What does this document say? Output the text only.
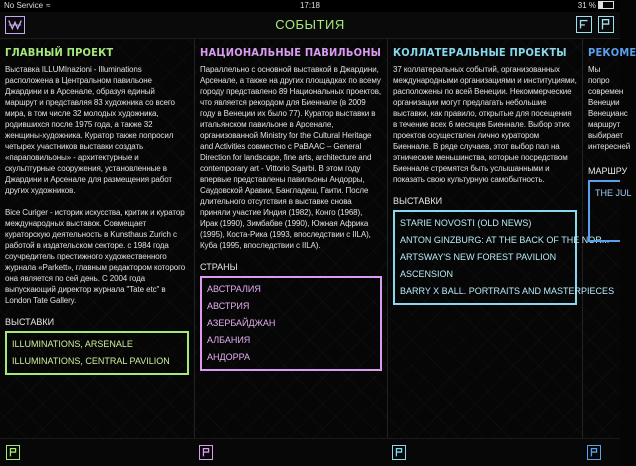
No Service ≈	17:18	31 %
СОБЫТИЯ
ГЛАВНЫЙ ПРОЕКТ

Выставка ILLUMInazioni - Illuminations расположена в Центральном павильоне Джардини и в Арсенале, образуя единый маршрут и представляя 83 художника со всего мира, в том числе 32 молодых художника, родившихся после 1975 года, а также 32 женщины-художника. Куратор также попросил четырех участников выставки создать «параповильоны» - архитектурные и скульптурные сооружения, установленные в Джардини и Арсенале для размещения работ других художников.

Bice Curiger - историк искусства, критик и куратор международных выставок. Совмещает кураторскую деятельность в Kunsthaus Zurich с работой в издательском секторе. с 1984 года соучредитель престижного художественного журнала «Parkett», главным редактором которого она является по сей день. С 2004 года выпускающий директор журнала "Tate etc" в London Tate Gallery.

ВЫСТАВКИ
ILLUMINATIONS, ARSENALE
ILLUMINATIONS, CENTRAL PAVILION
НАЦИОНАЛЬНЫЕ ПАВИЛЬОНЫ

Параллельно с основной выставкой в Джардини, Арсенале, а также на других площадках по всему городу представлено 89 Национальных проектов, что является рекордом для Биеннале (в 2009 году в Венеции их было 77). Куратор выставки в итальянском павильоне в Арсенале, организованной Ministry for the Cultural Heritage and Activities совместно с PaBAAC – General Direction for landscape, fine arts, architecture and contemporary art - Vittorio Sgarbi. В этом году впервые представлены павильоны Андорры, Саудовской Аравии, Бангладеш, Гаити. После длительного отсутствия в выставке снова приняли участие Индия (1982), Конго (1968), Ирак (1990), Зимбабве (1990), Южная Африка (1995), Коста-Рика (1993, впоследствии с IILA), Куба (1995, впоследствии с IILA).

СТРАНЫ
АВСТРАЛИЯ
АВСТРИЯ
АЗЕРБАЙДЖАН
АЛБАНИЯ
АНДОРРА
КОЛЛАТЕРАЛЬНЫЕ ПРОЕКТЫ

37 коллатеральных событий, организованных международными организациями и институциями, расположены по всей Венеции. Некоммерческие организации могут предлагать небольшие выставки, как правило, открытые для посещения в течение всех 6 месяцев Биеннале. Выбор этих проектов осуществлен лично куратором Биеннале. В ряде случаев, этот выбор пал на этнические меньшинства, которые посредством Биеннале стремятся быть услышанными и показать свою культурную самобытность.

ВЫСТАВКИ
STARIE NOVOSTI (OLD NEWS)
ANTON GINZBURG: AT THE BACK OF THE NOR...
ARTSWAY'S NEW FOREST PAVILION
ASCENSION
BARRY X BALL. PORTRAITS AND MASTERPIECES
РЕКОМЕ
Мы попро
современ
Венеции
Венецианс
маршрут
выбирает
интересней
МАРШРУ
THE JUL
